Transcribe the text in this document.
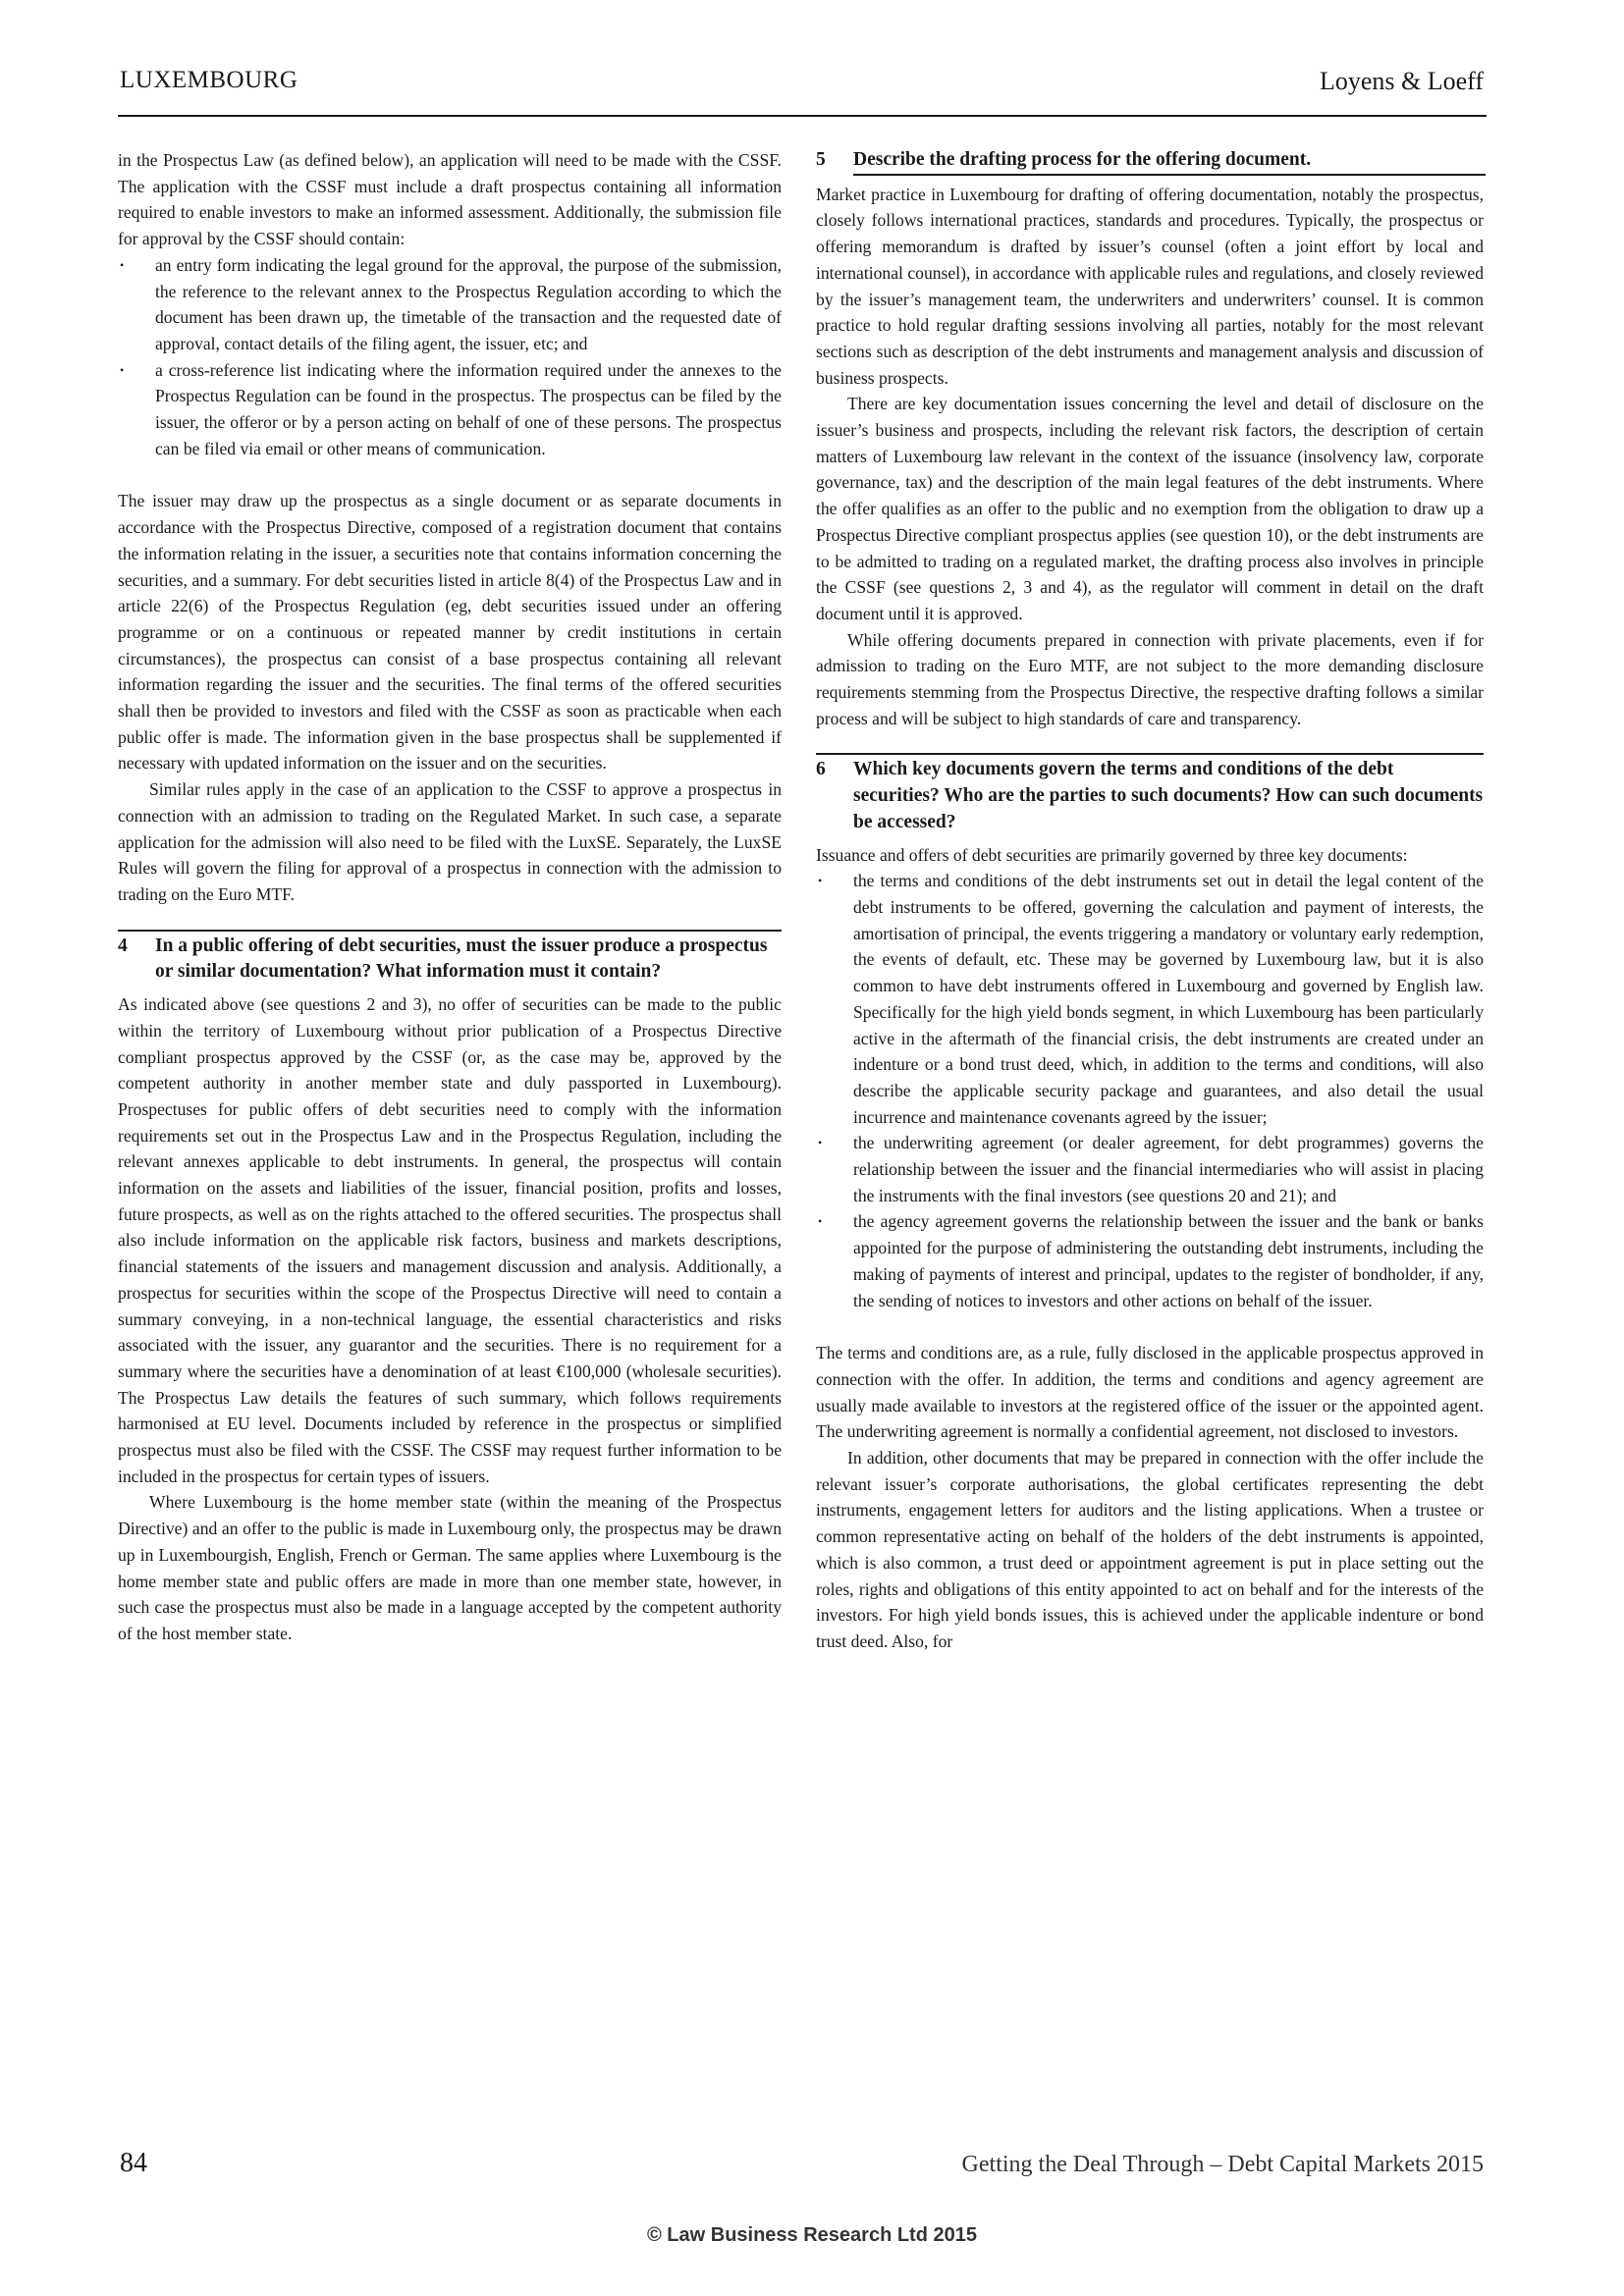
LUXEMBOURG	Loyens & Loeff

in the Prospectus Law (as defined below), an application will need to be made with the CSSF. The application with the CSSF must include a draft prospectus containing all information required to enable investors to make an informed assessment. Additionally, the submission file for approval by the CSSF should contain:

• an entry form indicating the legal ground for the approval, the purpose of the submission, the reference to the relevant annex to the Prospectus Regulation according to which the document has been drawn up, the timetable of the transaction and the requested date of approval, contact details of the filing agent, the issuer, etc; and
• a cross-reference list indicating where the information required under the annexes to the Prospectus Regulation can be found in the prospectus. The prospectus can be filed by the issuer, the offeror or by a person acting on behalf of one of these persons. The prospectus can be filed via email or other means of communication.

The issuer may draw up the prospectus as a single document or as separate documents in accordance with the Prospectus Directive, composed of a registration document that contains the information relating in the issuer, a securities note that contains information concerning the securities, and a summary. For debt securities listed in article 8(4) of the Prospectus Law and in article 22(6) of the Prospectus Regulation (eg, debt securities issued under an offering programme or on a continuous or repeated manner by credit institutions in certain circumstances), the prospectus can consist of a base prospectus containing all relevant information regarding the issuer and the securities. The final terms of the offered securities shall then be provided to investors and filed with the CSSF as soon as practicable when each public offer is made. The information given in the base prospectus shall be supplemented if necessary with updated information on the issuer and on the securities.

Similar rules apply in the case of an application to the CSSF to approve a prospectus in connection with an admission to trading on the Regulated Market. In such case, a separate application for the admission will also need to be filed with the LuxSE. Separately, the LuxSE Rules will govern the filing for approval of a prospectus in connection with the admission to trading on the Euro MTF.

4 In a public offering of debt securities, must the issuer produce a prospectus or similar documentation? What information must it contain?

As indicated above (see questions 2 and 3), no offer of securities can be made to the public within the territory of Luxembourg without prior publication of a Prospectus Directive compliant prospectus approved by the CSSF (or, as the case may be, approved by the competent authority in another member state and duly passported in Luxembourg). Prospectuses for public offers of debt securities need to comply with the information requirements set out in the Prospectus Law and in the Prospectus Regulation, including the relevant annexes applicable to debt instruments. In general, the prospectus will contain information on the assets and liabilities of the issuer, financial position, profits and losses, future prospects, as well as on the rights attached to the offered securities. The prospectus shall also include information on the applicable risk factors, business and markets descriptions, financial statements of the issuers and management discussion and analysis. Additionally, a prospectus for securities within the scope of the Prospectus Directive will need to contain a summary conveying, in a non-technical language, the essential characteristics and risks associated with the issuer, any guarantor and the securities. There is no requirement for a summary where the securities have a denomination of at least €100,000 (wholesale securities). The Prospectus Law details the features of such summary, which follows requirements harmonised at EU level. Documents included by reference in the prospectus or simplified prospectus must also be filed with the CSSF. The CSSF may request further information to be included in the prospectus for certain types of issuers.

Where Luxembourg is the home member state (within the meaning of the Prospectus Directive) and an offer to the public is made in Luxembourg only, the prospectus may be drawn up in Luxembourgish, English, French or German. The same applies where Luxembourg is the home member state and public offers are made in more than one member state, however, in such case the prospectus must also be made in a language accepted by the competent authority of the host member state.

5 Describe the drafting process for the offering document.

Market practice in Luxembourg for drafting of offering documentation, notably the prospectus, closely follows international practices, standards and procedures. Typically, the prospectus or offering memorandum is drafted by issuer’s counsel (often a joint effort by local and international counsel), in accordance with applicable rules and regulations, and closely reviewed by the issuer’s management team, the underwriters and underwriters’ counsel. It is common practice to hold regular drafting sessions involving all parties, notably for the most relevant sections such as description of the debt instruments and management analysis and discussion of business prospects.

There are key documentation issues concerning the level and detail of disclosure on the issuer’s business and prospects, including the relevant risk factors, the description of certain matters of Luxembourg law relevant in the context of the issuance (insolvency law, corporate governance, tax) and the description of the main legal features of the debt instruments. Where the offer qualifies as an offer to the public and no exemption from the obligation to draw up a Prospectus Directive compliant prospectus applies (see question 10), or the debt instruments are to be admitted to trading on a regulated market, the drafting process also involves in principle the CSSF (see questions 2, 3 and 4), as the regulator will comment in detail on the draft document until it is approved.

While offering documents prepared in connection with private placements, even if for admission to trading on the Euro MTF, are not subject to the more demanding disclosure requirements stemming from the Prospectus Directive, the respective drafting follows a similar process and will be subject to high standards of care and transparency.

6 Which key documents govern the terms and conditions of the debt securities? Who are the parties to such documents? How can such documents be accessed?

Issuance and offers of debt securities are primarily governed by three key documents:

• the terms and conditions of the debt instruments set out in detail the legal content of the debt instruments to be offered, governing the calculation and payment of interests, the amortisation of principal, the events triggering a mandatory or voluntary early redemption, the events of default, etc. These may be governed by Luxembourg law, but it is also common to have debt instruments offered in Luxembourg and governed by English law. Specifically for the high yield bonds segment, in which Luxembourg has been particularly active in the aftermath of the financial crisis, the debt instruments are created under an indenture or a bond trust deed, which, in addition to the terms and conditions, will also describe the applicable security package and guarantees, and also detail the usual incurrence and maintenance covenants agreed by the issuer;
• the underwriting agreement (or dealer agreement, for debt programmes) governs the relationship between the issuer and the financial intermediaries who will assist in placing the instruments with the final investors (see questions 20 and 21); and
• the agency agreement governs the relationship between the issuer and the bank or banks appointed for the purpose of administering the outstanding debt instruments, including the making of payments of interest and principal, updates to the register of bondholder, if any, the sending of notices to investors and other actions on behalf of the issuer.

The terms and conditions are, as a rule, fully disclosed in the applicable prospectus approved in connection with the offer. In addition, the terms and conditions and agency agreement are usually made available to investors at the registered office of the issuer or the appointed agent. The underwriting agreement is normally a confidential agreement, not disclosed to investors.

In addition, other documents that may be prepared in connection with the offer include the relevant issuer’s corporate authorisations, the global certificates representing the debt instruments, engagement letters for auditors and the listing applications. When a trustee or common representative acting on behalf of the holders of the debt instruments is appointed, which is also common, a trust deed or appointment agreement is put in place setting out the roles, rights and obligations of this entity appointed to act on behalf and for the interests of the investors. For high yield bonds issues, this is achieved under the applicable indenture or bond trust deed. Also, for

84	Getting the Deal Through – Debt Capital Markets 2015
© Law Business Research Ltd 2015
